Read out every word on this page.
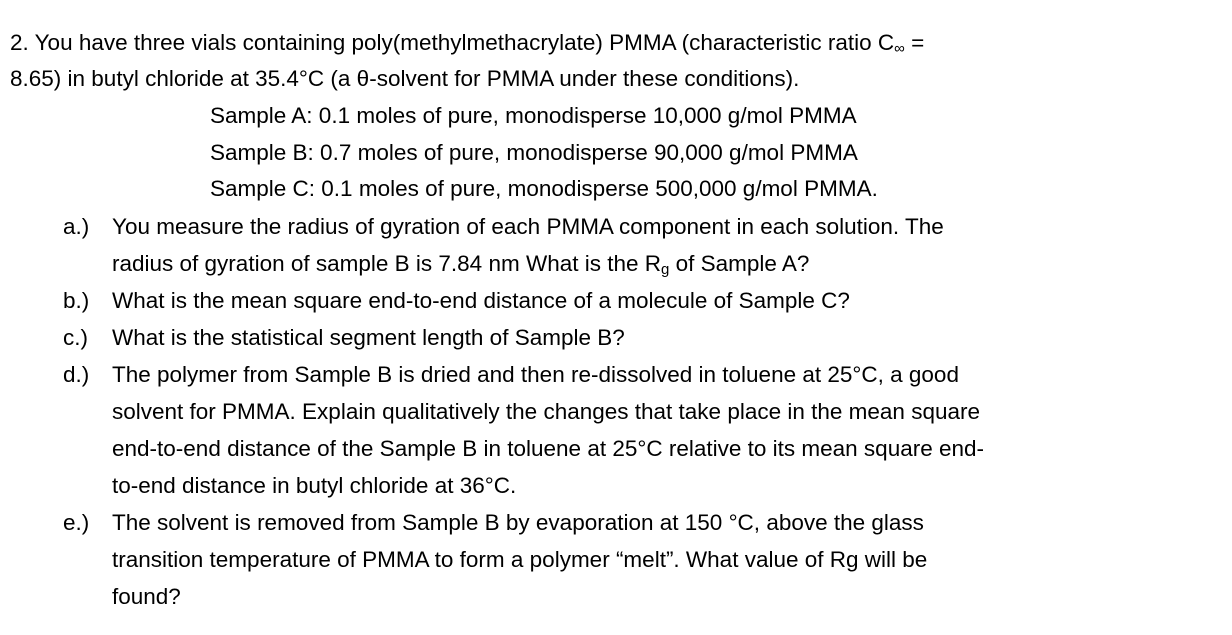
2. You have three vials containing poly(methylmethacrylate) PMMA (characteristic ratio $C_\infty$ =
8.65) in butyl chloride at 35.4°C (a θ-solvent for PMMA under these conditions).
Sample A: 0.1 moles of pure, monodisperse 10,000 g/mol PMMA
Sample B: 0.7 moles of pure, monodisperse 90,000 g/mol PMMA
Sample C: 0.1 moles of pure, monodisperse 500,000 g/mol PMMA.
a.) You measure the radius of gyration of each PMMA component in each solution. The
radius of gyration of sample B is 7.84 nm What is the $R_g$ of Sample A?
b.) What is the mean square end-to-end distance of a molecule of Sample C?
c.) What is the statistical segment length of Sample B?
d.) The polymer from Sample B is dried and then re-dissolved in toluene at 25°C, a good
solvent for PMMA. Explain qualitatively the changes that take place in the mean square
end-to-end distance of the Sample B in toluene at 25°C relative to its mean square end-
to-end distance in butyl chloride at 36°C.
e.) The solvent is removed from Sample B by evaporation at 150 °C, above the glass
transition temperature of PMMA to form a polymer “melt”. What value of Rg will be
found?
